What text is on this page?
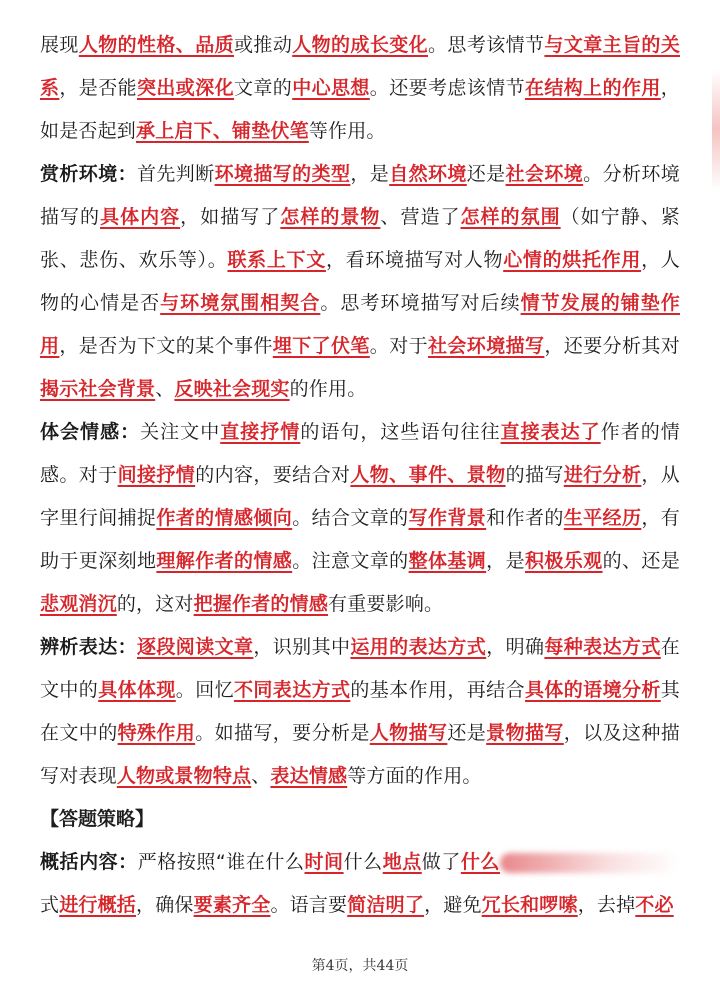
展现人物的性格、品质或推动人物的成长变化。思考该情节与文章主旨的关系，是否能突出或深化文章的中心思想。还要考虑该情节在结构上的作用，如是否起到承上启下、铺垫伏笔等作用。

赏析环境：首先判断环境描写的类型，是自然环境还是社会环境。分析环境描写的具体内容，如描写了怎样的景物、营造了怎样的氛围（如宁静、紧张、悲伤、欢乐等）。联系上下文，看环境描写对人物心情的烘托作用，人物的心情是否与环境氛围相契合。思考环境描写对后续情节发展的铺垫作用，是否为下文的某个事件埋下了伏笔。对于社会环境描写，还要分析其对揭示社会背景、反映社会现实的作用。

体会情感：关注文中直接抒情的语句，这些语句往往直接表达了作者的情感。对于间接抒情的内容，要结合对人物、事件、景物的描写进行分析，从字里行间捕捉作者的情感倾向。结合文章的写作背景和作者的生平经历，有助于更深刻地理解作者的情感。注意文章的整体基调，是积极乐观的、还是悲观消沉的，这对把握作者的情感有重要影响。

辨析表达：逐段阅读文章，识别其中运用的表达方式，明确每种表达方式在文中的具体体现。回忆不同表达方式的基本作用，再结合具体的语境分析其在文中的特殊作用。如描写，要分析是人物描写还是景物描写，以及这种描写对表现人物或景物特点、表达情感等方面的作用。

【答题策略】

概括内容：严格按照“谁在什么时间什么地点做了什么式进行概括，确保要素齐全。语言要简洁明了，避免冗长和啰嗦，去掉不必

第4页，共44页
